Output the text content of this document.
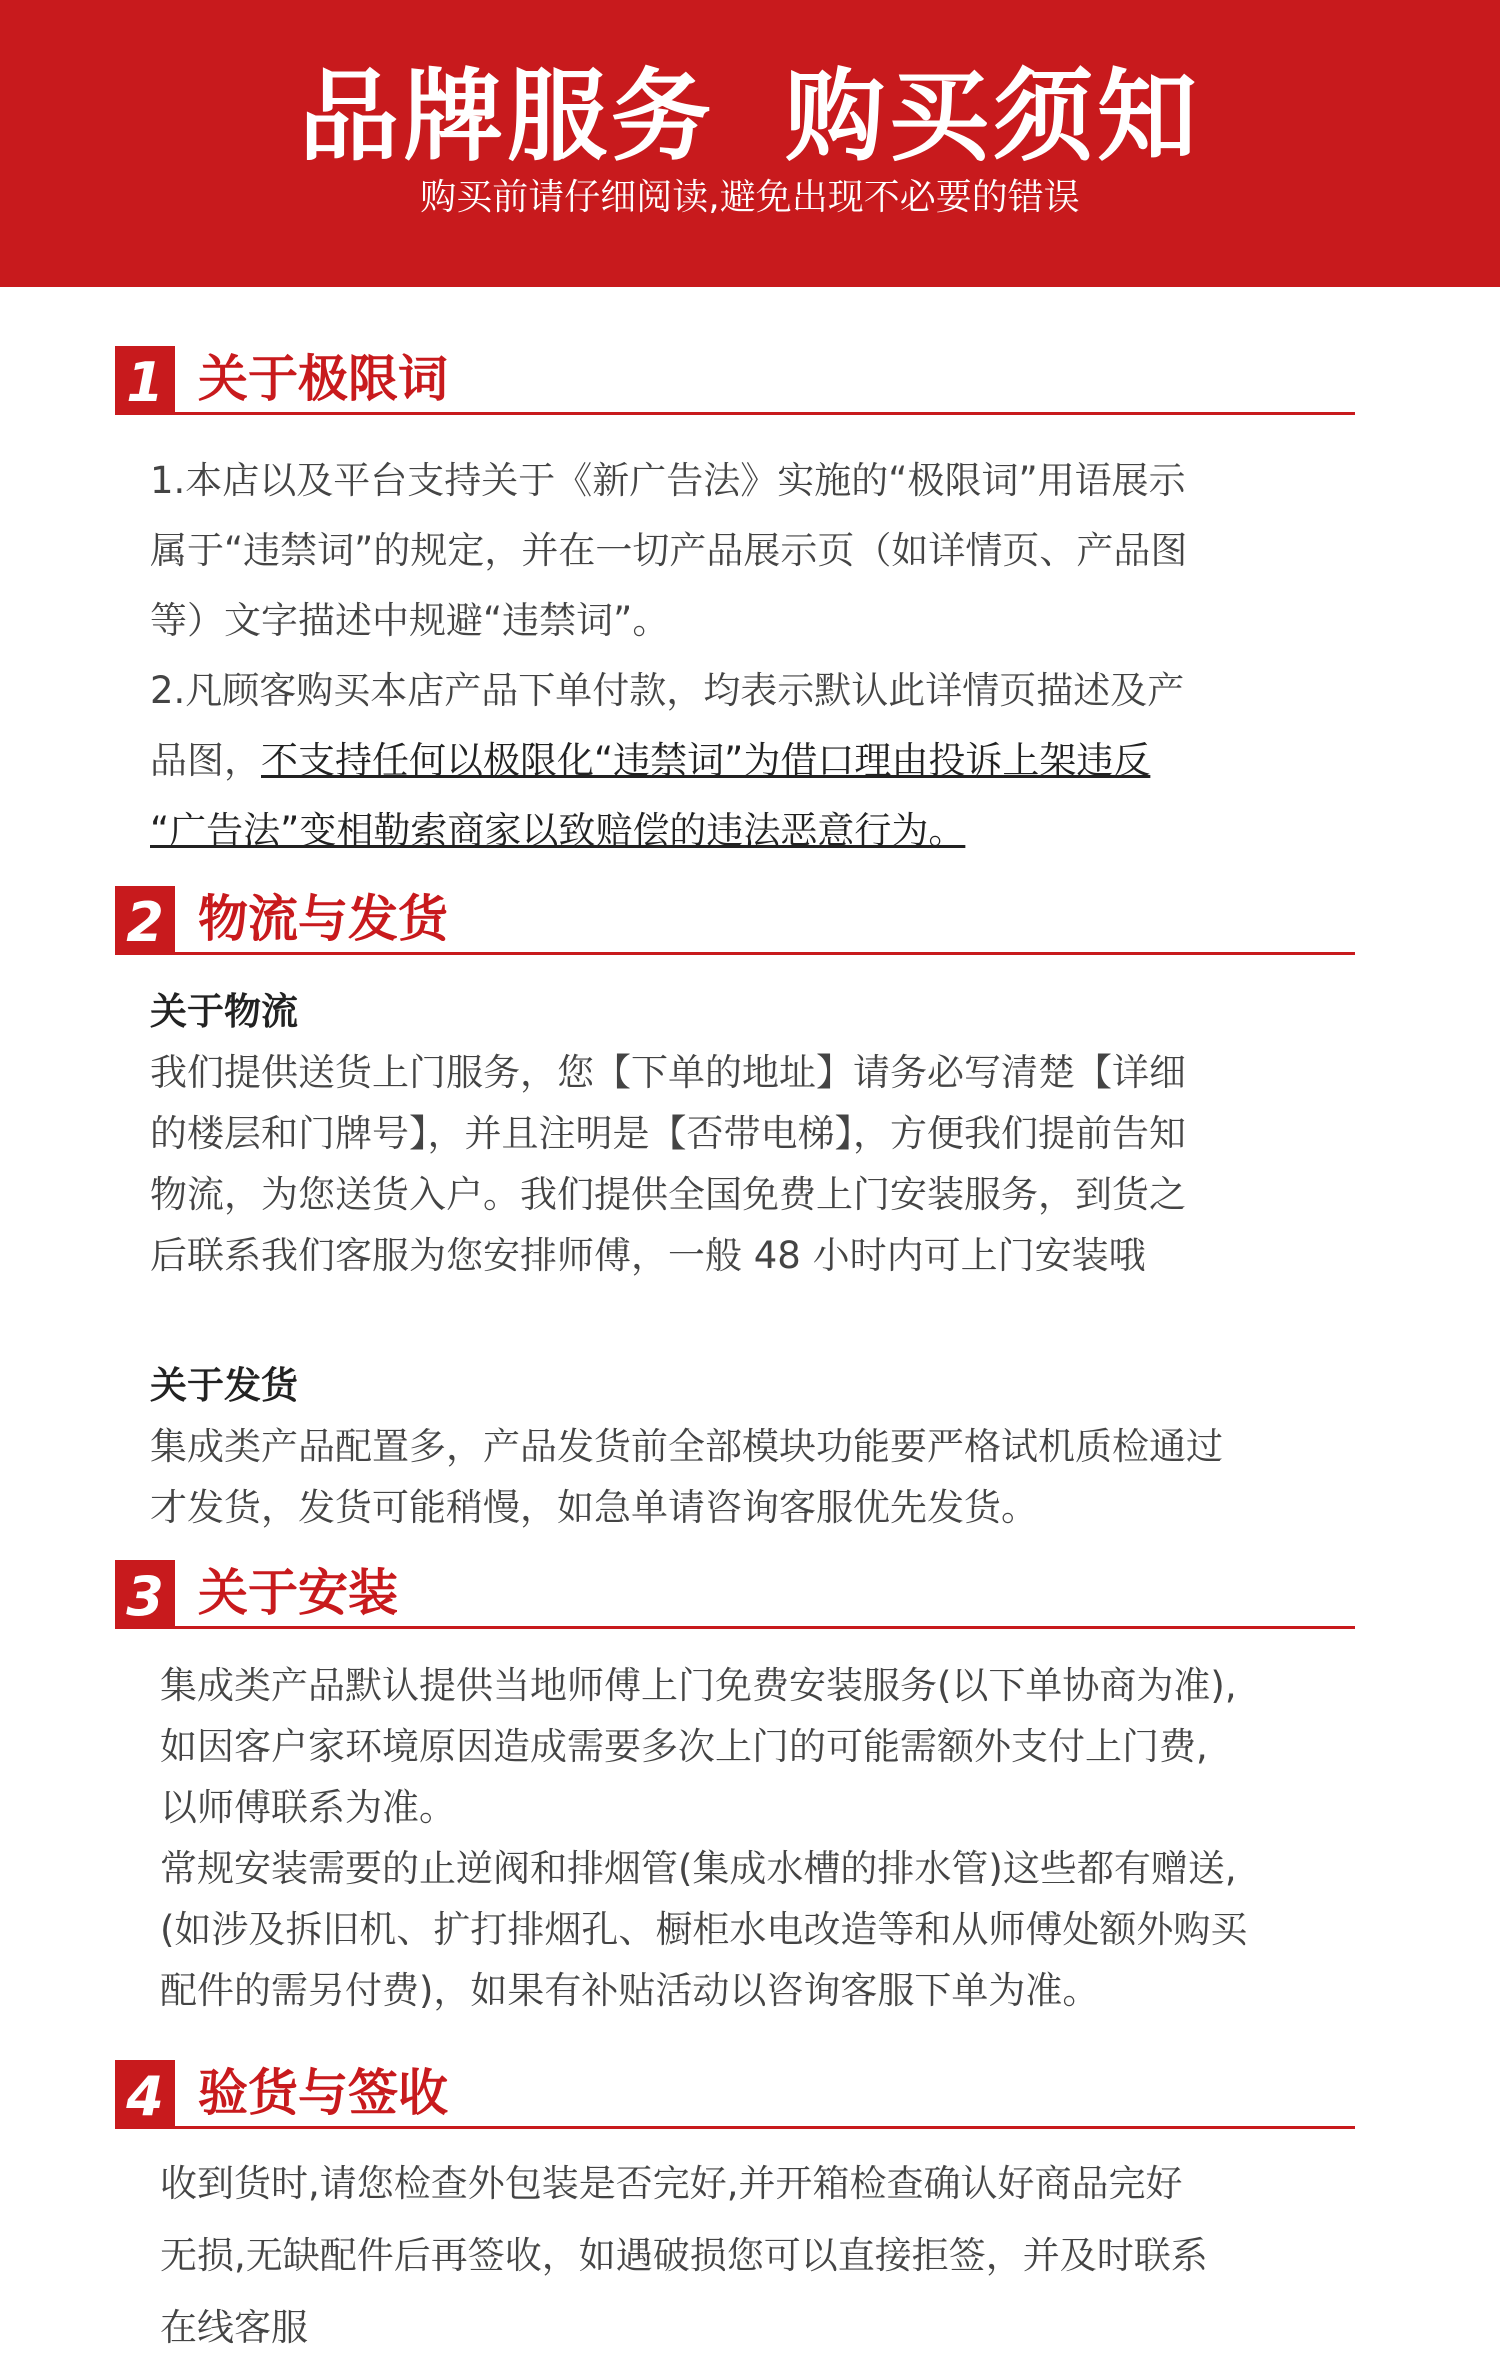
品牌服务 购买须知
购买前请仔细阅读,避免出现不必要的错误
1 关于极限词

1.本店以及平台支持关于《新广告法》实施的“极限词”用语展示

属于“违禁词”的规定，并在一切产品展示页（如详情页、产品图

等）文字描述中规避“违禁词”。

2.凡顾客购买本店产品下单付款，均表示默认此详情页描述及产

品图，不支持任何以极限化“违禁词”为借口理由投诉上架违反

“广告法”变相勒索商家以致赔偿的违法恶意行为。

2 物流与发货

关于物流

我们提供送货上门服务，您【下单的地址】请务必写清楚【详细

的楼层和门牌号】，并且注明是【否带电梯】，方便我们提前告知

物流，为您送货入户。我们提供全国免费上门安装服务，到货之

后联系我们客服为您安排师傅，一般 48 小时内可上门安装哦

关于发货

集成类产品配置多，产品发货前全部模块功能要严格试机质检通过

才发货，发货可能稍慢，如急单请咨询客服优先发货。

3 关于安装

集成类产品默认提供当地师傅上门免费安装服务(以下单协商为准),

如因客户家环境原因造成需要多次上门的可能需额外支付上门费,

以师傅联系为准。

常规安装需要的止逆阀和排烟管(集成水槽的排水管)这些都有赠送,

(如涉及拆旧机、扩打排烟孔、橱柜水电改造等和从师傅处额外购买

配件的需另付费)，如果有补贴活动以咨询客服下单为准。

4 验货与签收

收到货时,请您检查外包装是否完好,并开箱检查确认好商品完好

无损,无缺配件后再签收，如遇破损您可以直接拒签，并及时联系

在线客服
